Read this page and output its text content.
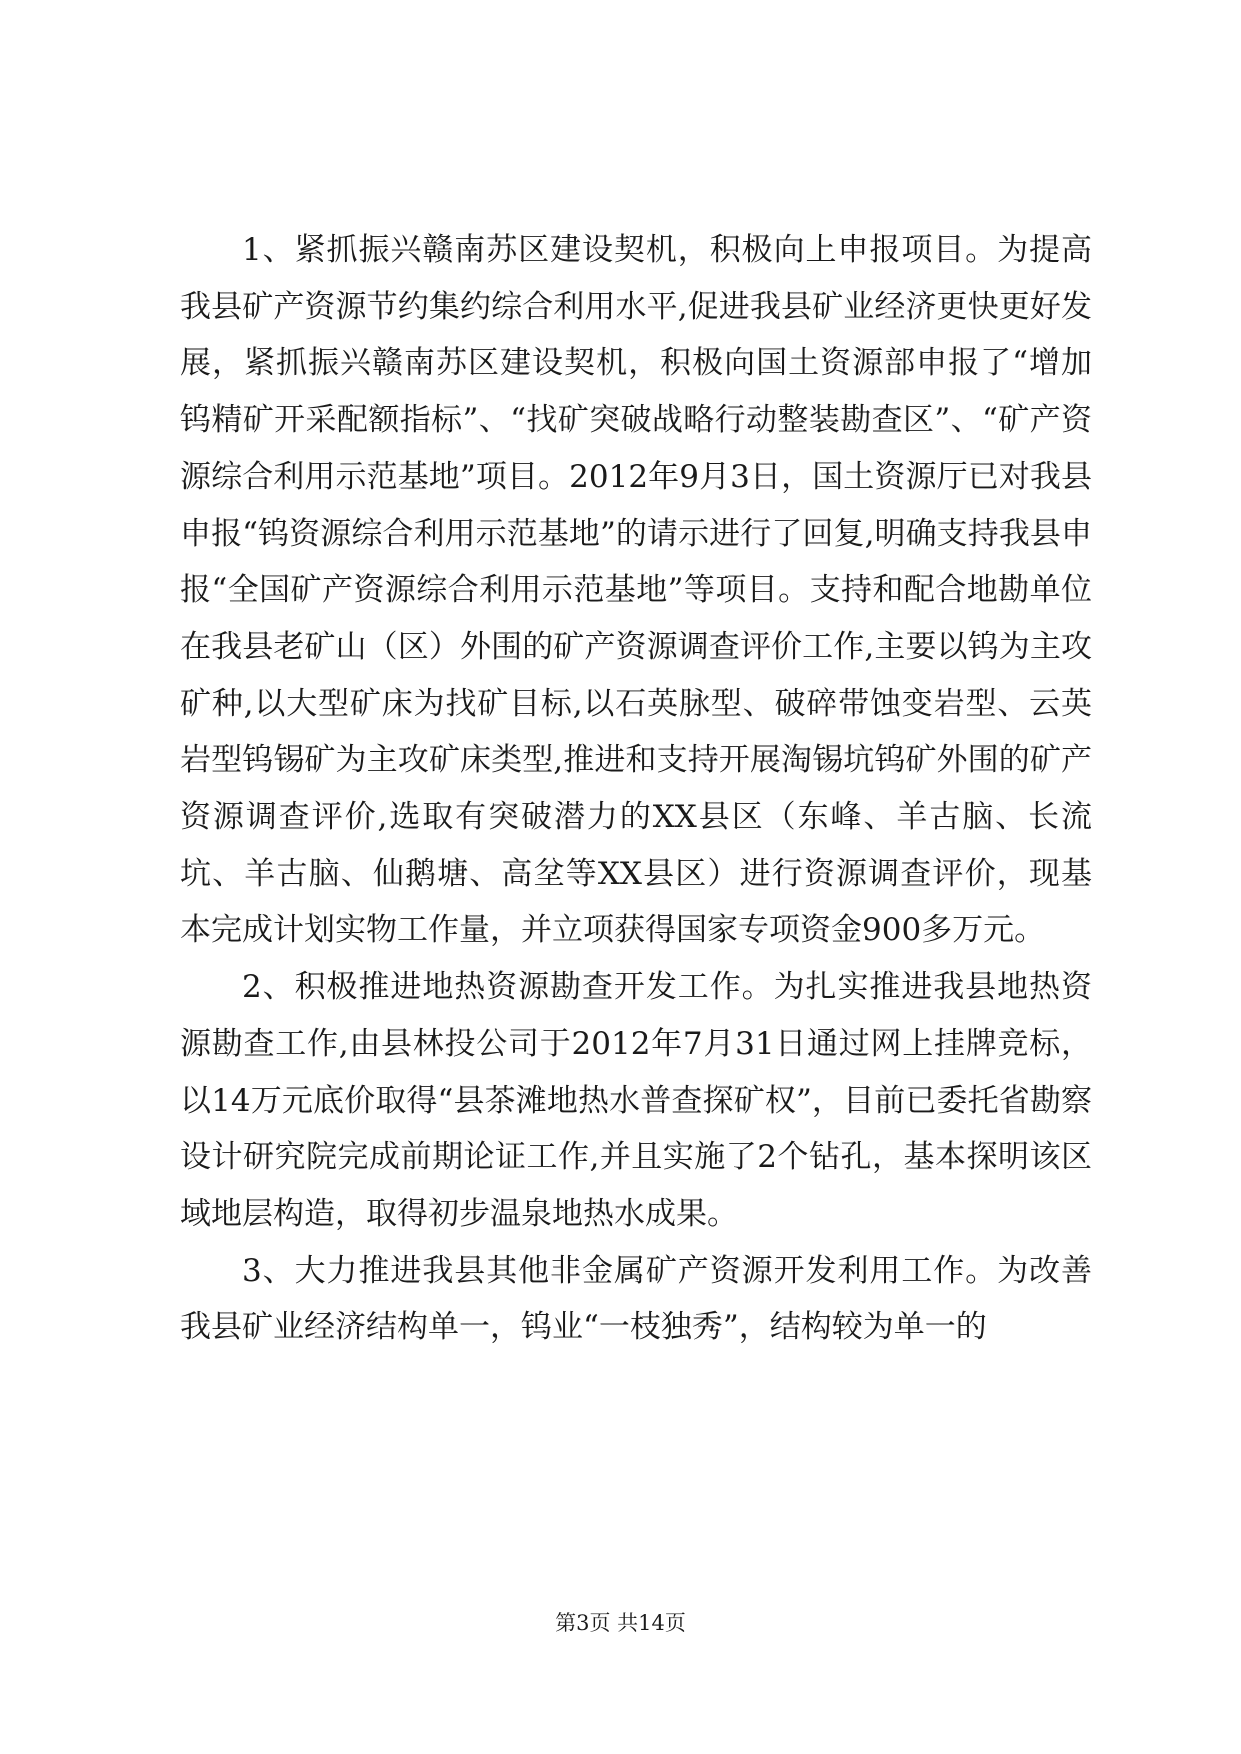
1、紧抓振兴赣南苏区建设契机，积极向上申报项目。为提高我县矿产资源节约集约综合利用水平,促进我县矿业经济更快更好发展，紧抓振兴赣南苏区建设契机，积极向国土资源部申报了“增加钨精矿开采配额指标”、“找矿突破战略行动整装勘查区”、“矿产资源综合利用示范基地”项目。2012年9月3日，国土资源厅已对我县申报“钨资源综合利用示范基地”的请示进行了回复,明确支持我县申报“全国矿产资源综合利用示范基地”等项目。支持和配合地勘单位在我县老矿山（区）外围的矿产资源调查评价工作,主要以钨为主攻矿种,以大型矿床为找矿目标,以石英脉型、破碎带蚀变岩型、云英岩型钨锡矿为主攻矿床类型,推进和支持开展淘锡坑钨矿外围的矿产资源调查评价,选取有突破潜力的XX县区（东峰、羊古脑、长流坑、羊古脑、仙鹅塘、高坌等XX县区）进行资源调查评价，现基本完成计划实物工作量，并立项获得国家专项资金900多万元。

2、积极推进地热资源勘查开发工作。为扎实推进我县地热资源勘查工作,由县林投公司于2012年7月31日通过网上挂牌竞标，以14万元底价取得“县茶滩地热水普查探矿权”，目前已委托省勘察设计研究院完成前期论证工作,并且实施了2个钻孔，基本探明该区域地层构造，取得初步温泉地热水成果。

3、大力推进我县其他非金属矿产资源开发利用工作。为改善我县矿业经济结构单一，钨业“一枝独秀”，结构较为单一的

第3页 共14页
